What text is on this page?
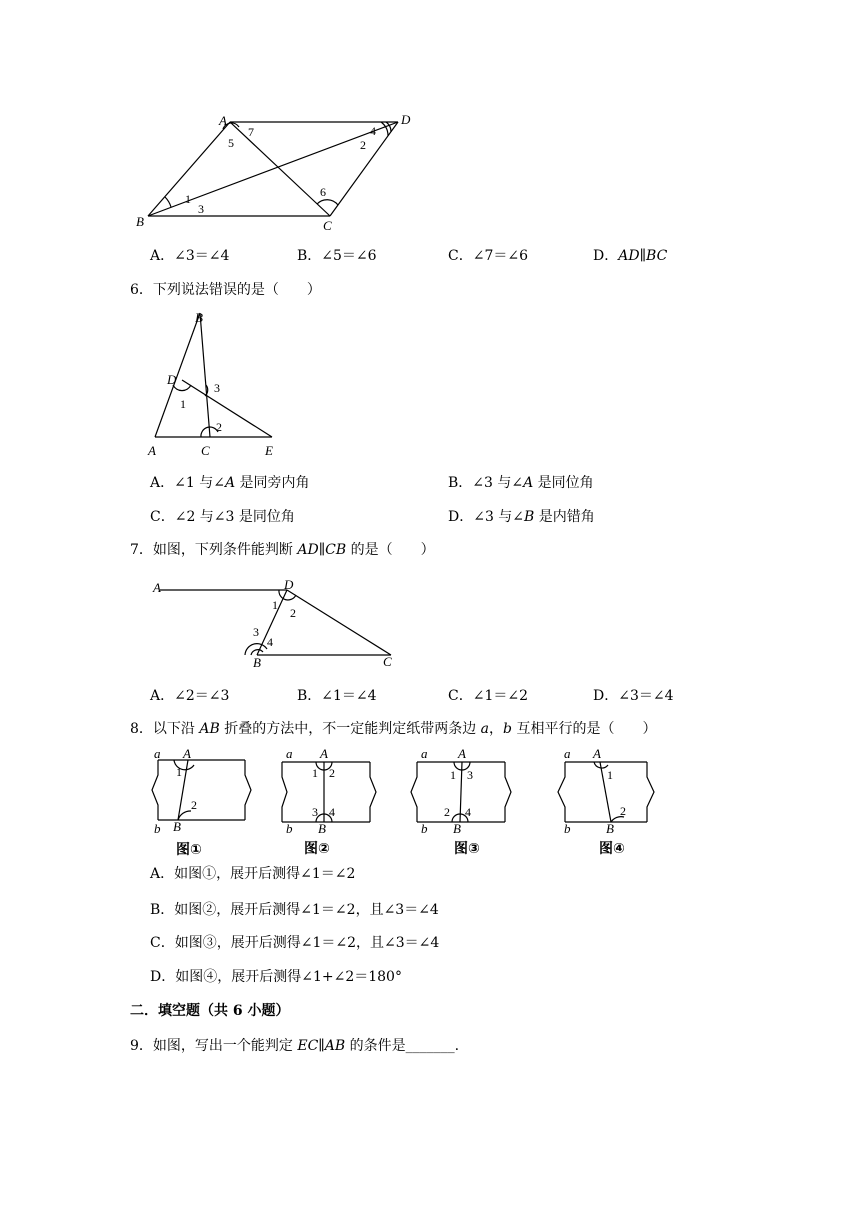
A	D
B	C
7
5
4
2
1
3
6
A．∠3＝∠4	B．∠5＝∠6	C．∠7＝∠6	D．AD∥BC
6．下列说法错误的是（　　）
B
D
A	C	E
3
1
2
A．∠1 与∠A 是同旁内角	B．∠3 与∠A 是同位角
C．∠2 与∠3 是同位角	D．∠3 与∠B 是内错角
7．如图，下列条件能判断 AD∥CB 的是（　　）
A	D
B	C
1
2
3
4
A．∠2＝∠3	B．∠1＝∠4	C．∠1＝∠2	D．∠3＝∠4
8．以下沿 AB 折叠的方法中，不一定能判定纸带两条边 a，b 互相平行的是（　　）
a A
1
2
b B
图①
a A
1 2
3 4
b B
图②
a A
1 3
2 4
b B
图③
a A
1
2
b	B
图④
A．如图①，展开后测得∠1＝∠2
B．如图②，展开后测得∠1＝∠2，且∠3＝∠4
C．如图③，展开后测得∠1＝∠2，且∠3＝∠4
D．如图④，展开后测得∠1+∠2＝180°
二．填空题（共 6 小题）
9．如图，写出一个能判定 EC∥AB 的条件是_______.
